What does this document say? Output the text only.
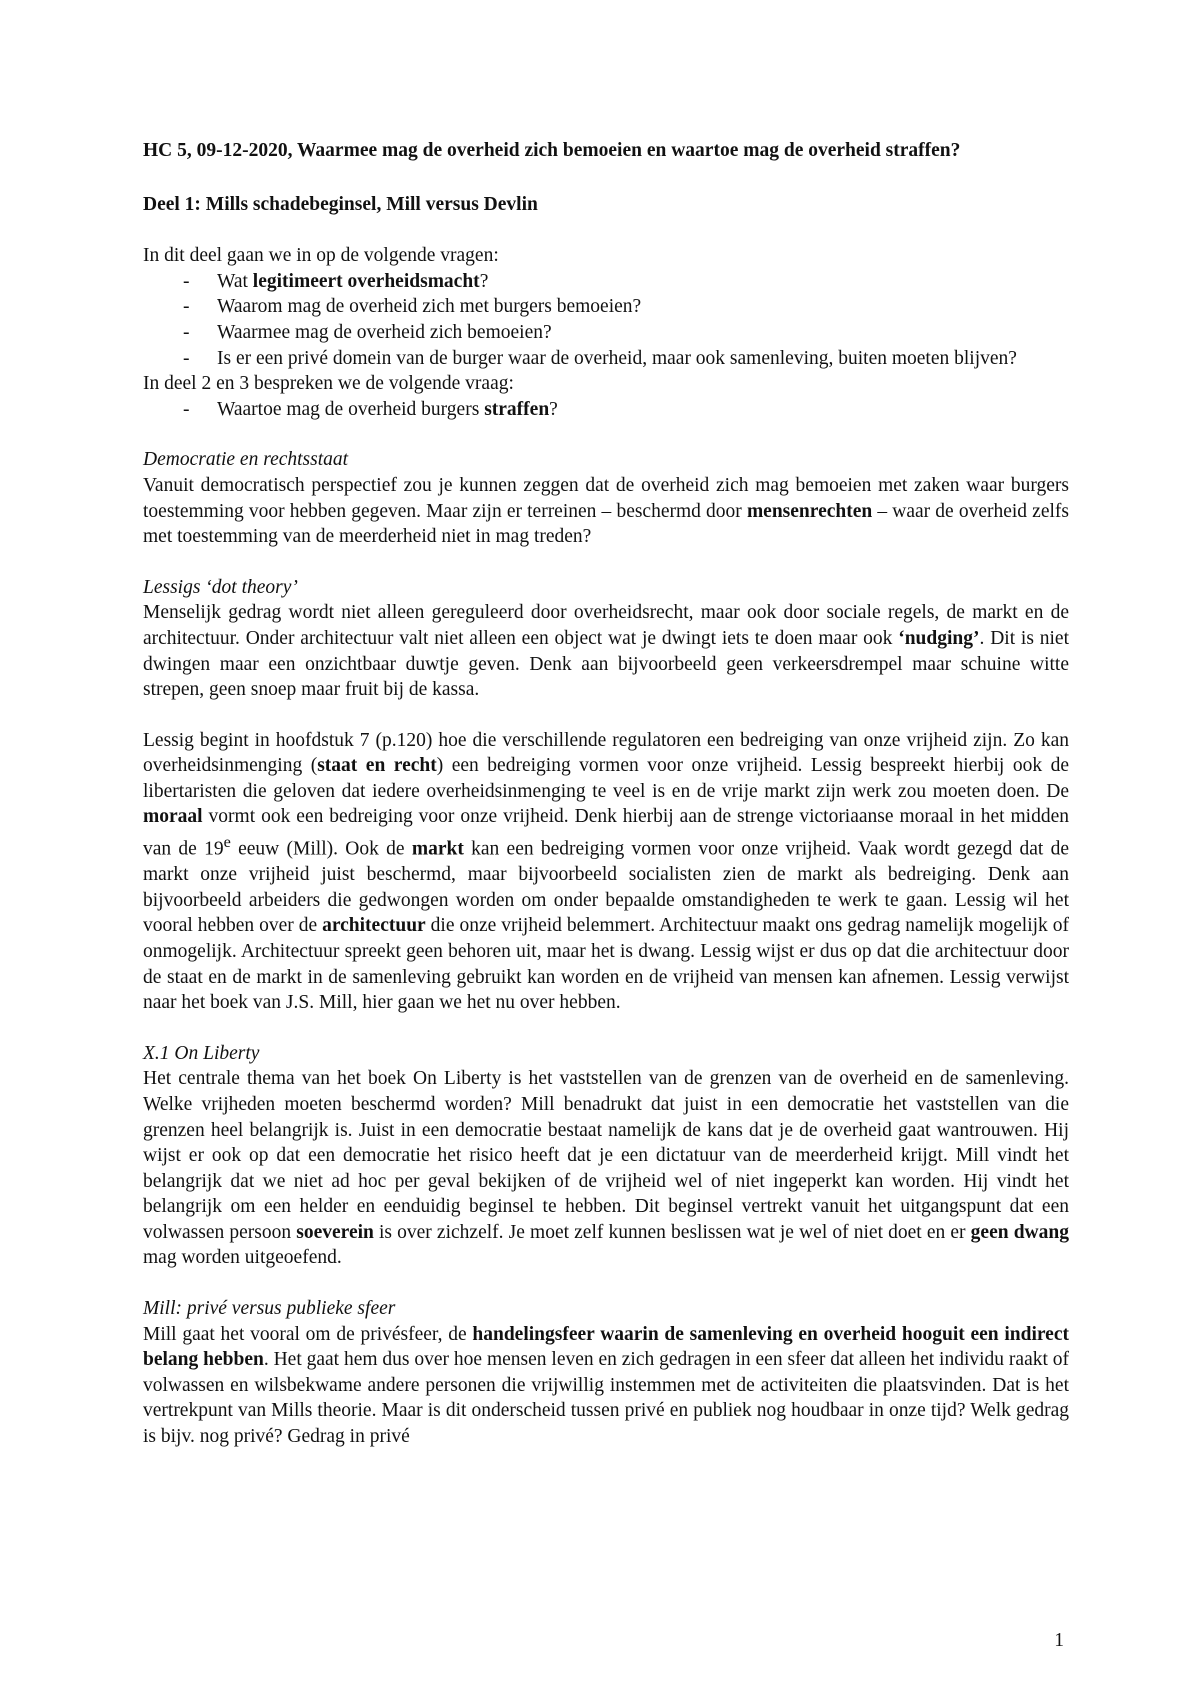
HC 5, 09-12-2020, Waarmee mag de overheid zich bemoeien en waartoe mag de overheid straffen?

Deel 1: Mills schadebeginsel, Mill versus Devlin

In dit deel gaan we in op de volgende vragen:

- Wat legitimeert overheidsmacht?
- Waarom mag de overheid zich met burgers bemoeien?
- Waarmee mag de overheid zich bemoeien?
- Is er een privé domein van de burger waar de overheid, maar ook samenleving, buiten moeten blijven?

In deel 2 en 3 bespreken we de volgende vraag:

- Waartoe mag de overheid burgers straffen?

Democratie en rechtsstaat

Vanuit democratisch perspectief zou je kunnen zeggen dat de overheid zich mag bemoeien met zaken waar burgers toestemming voor hebben gegeven. Maar zijn er terreinen – beschermd door mensenrechten – waar de overheid zelfs met toestemming van de meerderheid niet in mag treden?

Lessigs ‘dot theory’

Menselijk gedrag wordt niet alleen gereguleerd door overheidsrecht, maar ook door sociale regels, de markt en de architectuur. Onder architectuur valt niet alleen een object wat je dwingt iets te doen maar ook ‘nudging’. Dit is niet dwingen maar een onzichtbaar duwtje geven. Denk aan bijvoorbeeld geen verkeersdrempel maar schuine witte strepen, geen snoep maar fruit bij de kassa.

Lessig begint in hoofdstuk 7 (p.120) hoe die verschillende regulatoren een bedreiging van onze vrijheid zijn. Zo kan overheidsinmenging (staat en recht) een bedreiging vormen voor onze vrijheid. Lessig bespreekt hierbij ook de libertaristen die geloven dat iedere overheidsinmenging te veel is en de vrije markt zijn werk zou moeten doen. De moraal vormt ook een bedreiging voor onze vrijheid. Denk hierbij aan de strenge victoriaanse moraal in het midden van de 19e eeuw (Mill). Ook de markt kan een bedreiging vormen voor onze vrijheid. Vaak wordt gezegd dat de markt onze vrijheid juist beschermd, maar bijvoorbeeld socialisten zien de markt als bedreiging. Denk aan bijvoorbeeld arbeiders die gedwongen worden om onder bepaalde omstandigheden te werk te gaan. Lessig wil het vooral hebben over de architectuur die onze vrijheid belemmert. Architectuur maakt ons gedrag namelijk mogelijk of onmogelijk. Architectuur spreekt geen behoren uit, maar het is dwang. Lessig wijst er dus op dat die architectuur door de staat en de markt in de samenleving gebruikt kan worden en de vrijheid van mensen kan afnemen. Lessig verwijst naar het boek van J.S. Mill, hier gaan we het nu over hebben.

X.1 On Liberty

Het centrale thema van het boek On Liberty is het vaststellen van de grenzen van de overheid en de samenleving. Welke vrijheden moeten beschermd worden? Mill benadrukt dat juist in een democratie het vaststellen van die grenzen heel belangrijk is. Juist in een democratie bestaat namelijk de kans dat je de overheid gaat wantrouwen. Hij wijst er ook op dat een democratie het risico heeft dat je een dictatuur van de meerderheid krijgt. Mill vindt het belangrijk dat we niet ad hoc per geval bekijken of de vrijheid wel of niet ingeperkt kan worden. Hij vindt het belangrijk om een helder en eenduidig beginsel te hebben. Dit beginsel vertrekt vanuit het uitgangspunt dat een volwassen persoon soeverein is over zichzelf. Je moet zelf kunnen beslissen wat je wel of niet doet en er geen dwang mag worden uitgeoefend.

Mill: privé versus publieke sfeer

Mill gaat het vooral om de privésfeer, de handelingsfeer waarin de samenleving en overheid hooguit een indirect belang hebben. Het gaat hem dus over hoe mensen leven en zich gedragen in een sfeer dat alleen het individu raakt of volwassen en wilsbekwame andere personen die vrijwillig instemmen met de activiteiten die plaatsvinden. Dat is het vertrekpunt van Mills theorie. Maar is dit onderscheid tussen privé en publiek nog houdbaar in onze tijd? Welk gedrag is bijv. nog privé? Gedrag in privé

1
